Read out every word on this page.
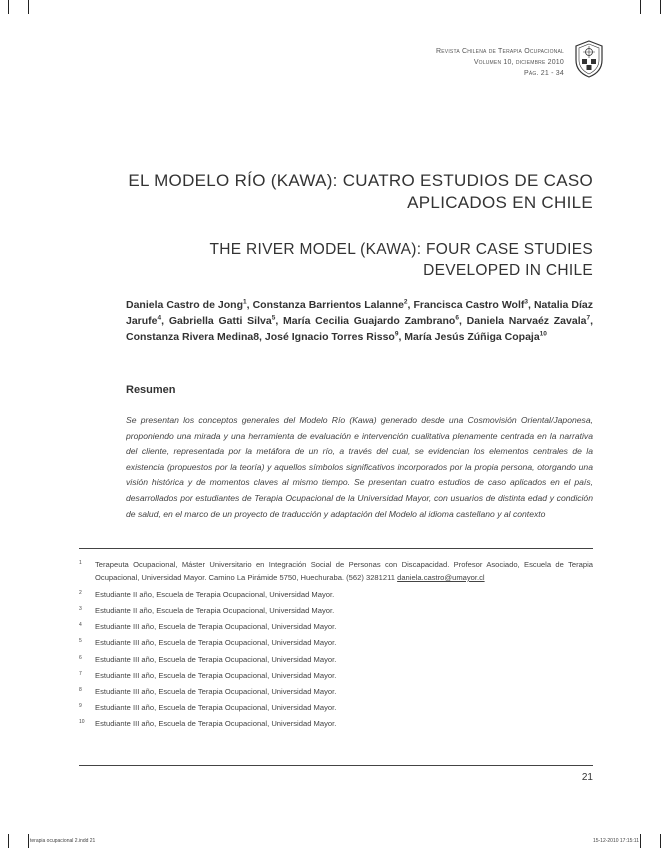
Revista Chilena de Terapia Ocupacional
Volumen 10, diciembre 2010
Pág. 21 - 34
EL MODELO RÍO (KAWA): CUATRO ESTUDIOS DE CASO
APLICADOS EN CHILE
THE RIVER MODEL (KAWA): FOUR CASE STUDIES
DEVELOPED IN CHILE

Daniela Castro de Jong$^1$, Constanza Barrientos Lalanne$^2$, Francisca Castro Wolf$^3$, Natalia Díaz Jarufe$^4$, Gabriella Gatti Silva$^5$, María Cecilia Guajardo Zambrano$^6$, Daniela Narvaéz Zavala$^7$, Constanza Rivera Medina8, José Ignacio Torres Risso$^9$, María Jesús Zúñiga Copaja$^{10}$

Resumen

Se presentan los conceptos generales del Modelo Río (Kawa) generado desde una Cosmovisión Oriental/Japonesa, proponiendo una mirada y una herramienta de evaluación e intervención cualitativa plenamente centrada en la narrativa del cliente, representada por la metáfora de un río, a través del cual, se evidencian los elementos centrales de la existencia (propuestos por la teoría) y aquellos símbolos significativos incorporados por la propia persona, otorgando una visión histórica y de momentos claves al mismo tiempo. Se presentan cuatro estudios de caso aplicados en el país, desarrollados por estudiantes de Terapia Ocupacional de la Universidad Mayor, con usuarios de distinta edad y condición de salud, en el marco de un proyecto de traducción y adaptación del Modelo al idioma castellano y al contexto

1 Terapeuta Ocupacional, Máster Universitario en Integración Social de Personas con Discapacidad. Profesor Asociado, Escuela de Terapia Ocupacional, Universidad Mayor. Camino La Pirámide 5750, Huechuraba. (562) 3281211 daniela.castro@umayor.cl
2 Estudiante II año, Escuela de Terapia Ocupacional, Universidad Mayor.
3 Estudiante II año, Escuela de Terapia Ocupacional, Universidad Mayor.
4 Estudiante III año, Escuela de Terapia Ocupacional, Universidad Mayor.
5 Estudiante III año, Escuela de Terapia Ocupacional, Universidad Mayor.
6 Estudiante III año, Escuela de Terapia Ocupacional, Universidad Mayor.
7 Estudiante III año, Escuela de Terapia Ocupacional, Universidad Mayor.
8 Estudiante III año, Escuela de Terapia Ocupacional, Universidad Mayor.
9 Estudiante III año, Escuela de Terapia Ocupacional, Universidad Mayor.
10 Estudiante III año, Escuela de Terapia Ocupacional, Universidad Mayor.
21
terapia ocupacional 2.indd 21	15-12-2010 17:15:11
